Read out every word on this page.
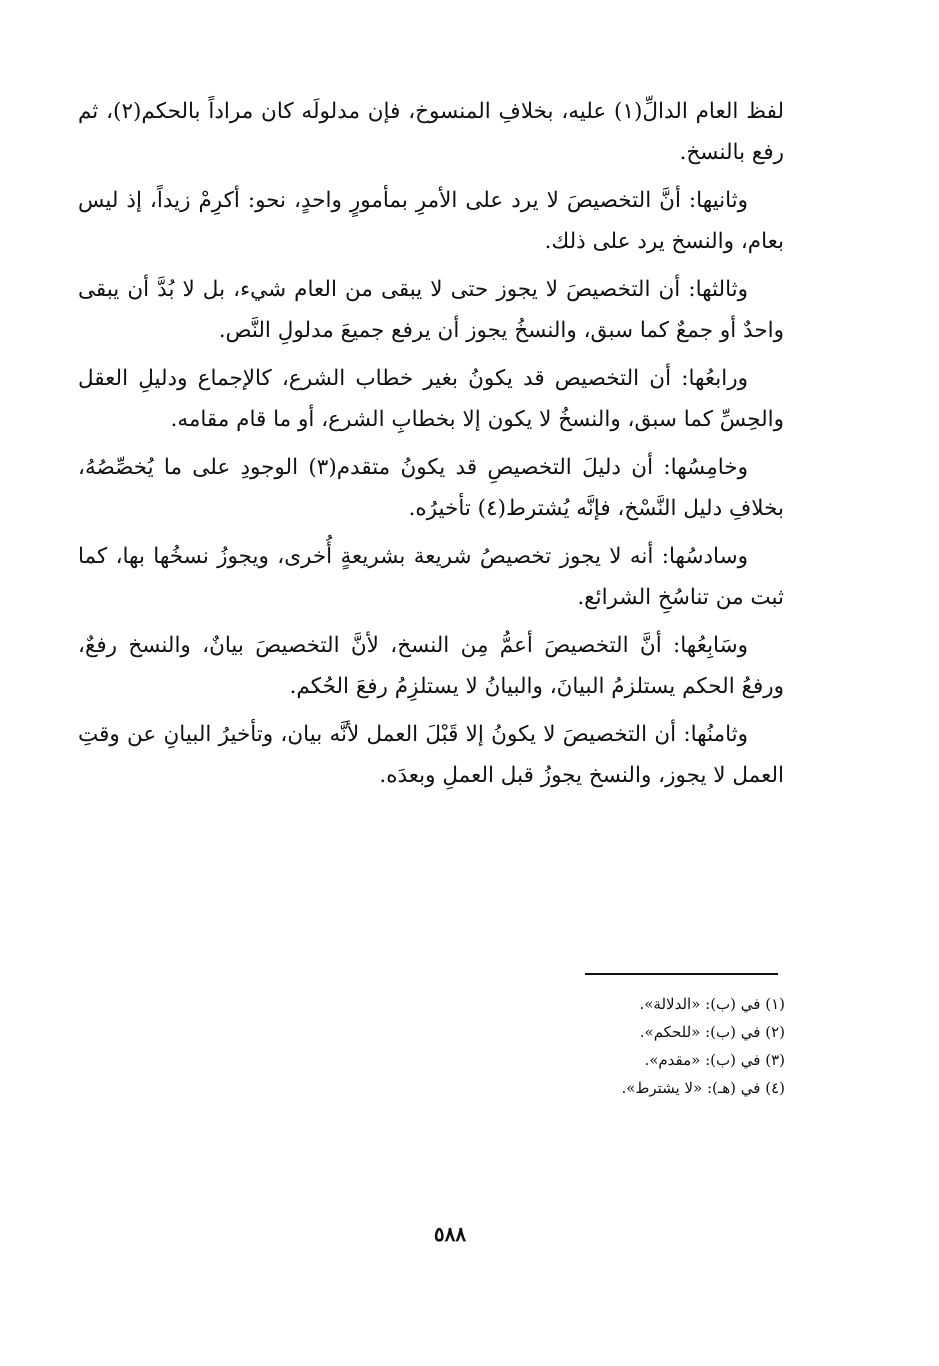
لفظ العام الدالِّ(١) عليه، بخلافِ المنسوخ، فإن مدلولَه كان مراداً بالحكم(٢)، ثم رفع بالنسخ.

وثانيها: أنَّ التخصيصَ لا يرد على الأمرِ بمأمورٍ واحدٍ، نحو: أكرِمْ زيداً، إذ ليس بعام، والنسخ يرد على ذلك.

وثالثها: أن التخصيصَ لا يجوز حتى لا يبقى من العام شيء، بل لا بُدَّ أن يبقى واحدٌ أو جمعٌ كما سبق، والنسخُ يجوز أن يرفع جميعَ مدلولِ النَّص.

ورابعُها: أن التخصيص قد يكونُ بغير خطاب الشرع، كالإجماع ودليلِ العقل والحِسِّ كما سبق، والنسخُ لا يكون إلا بخطابِ الشرع، أو ما قام مقامه.

وخامِسُها: أن دليلَ التخصيصِ قد يكونُ متقدم(٣) الوجودِ على ما يُخصِّصُهُ، بخلافِ دليل النَّسْخ، فإنَّه يُشترط(٤) تأخيرُه.

وسادسُها: أنه لا يجوز تخصيصُ شريعة بشريعةٍ أُخرى، ويجوزُ نسخُها بها، كما ثبت من تناسُخِ الشرائع.

وسَابِعُها: أنَّ التخصيصَ أعمُّ مِن النسخ، لأنَّ التخصيصَ بيانٌ، والنسخ رفعٌ، ورفعُ الحكم يستلزمُ البيانَ، والبيانُ لا يستلزِمُ رفعَ الحُكم.

وثامنُها: أن التخصيصَ لا يكونُ إلا قَبْلَ العمل لأنَّه بيان، وتأخيرُ البيانِ عن وقتِ العمل لا يجوز، والنسخ يجوزُ قبل العملِ وبعدَه.

(١) في (ب): «الدلالة».
(٢) في (ب): «للحكم».
(٣) في (ب): «مقدم».
(٤) في (هـ): «لا يشترط».
٥٨٨
